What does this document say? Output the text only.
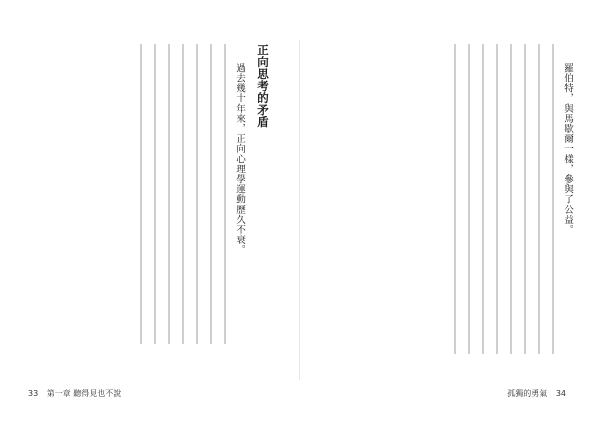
正向思考的矛盾

過去幾十年來，正向心理學運動歷久不衰。

33 第一章 聽得見也不說

羅伯特，與馬歇爾一樣，參與了公益。

孤獨的勇氣 34
